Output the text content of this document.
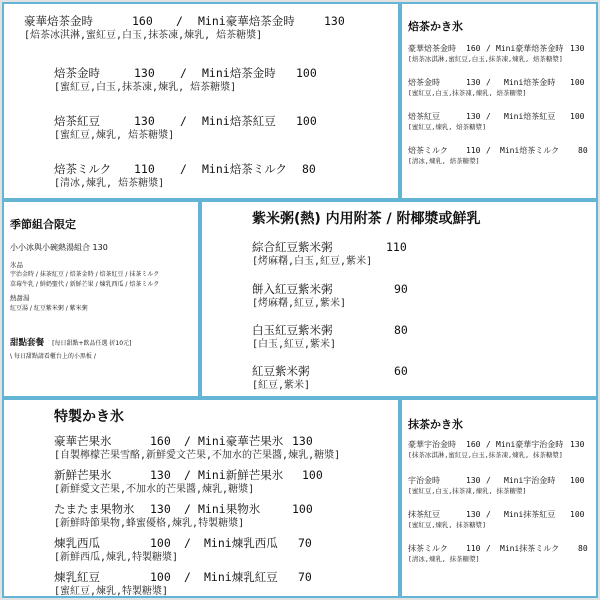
豪華焙茶金時	160 / Mini豪華焙茶金時	130
[焙茶冰淇淋,蜜紅豆,白玉,抹茶凍,煉乳, 焙茶糖漿]
焙茶金時	130 / Mini焙茶金時 100
[蜜紅豆,白玉,抹茶凍,煉乳, 焙茶糖漿]
焙茶紅豆	130 / Mini焙茶紅豆 100
[蜜紅豆,煉乳, 焙茶糖漿]
焙茶ミルク 110 / Mini焙茶ミルク 80
[清冰,煉乳, 焙茶糖漿]
焙茶かき氷
豪華焙茶金時 160 / Mini豪華焙茶金時 130
[焙茶冰淇淋,蜜紅豆,白玉,抹茶凍,煉乳, 焙茶糖漿]
焙茶金時	130 / Mini焙茶金時 100
[蜜紅豆,白玉,抹茶凍,煉乳, 焙茶糖漿]
焙茶紅豆	130 / Mini焙茶紅豆 100
[蜜紅豆,煉乳, 焙茶糖漿]
焙茶ミルク 110 / Mini焙茶ミルク 80
[清冰,煉乳, 焙茶糖漿]
季節組合限定
小小冰與小碗熱湯組合 130
氷品
宇治金時 / 抹茶紅豆 / 焙茶金時 / 焙茶紅豆 / 抹茶ミルク
草莓牛乳 / 鮮奶聖代 / 新鮮芒果 / 煉乳西瓜 / 焙茶ミルク
熱甜湯
紅豆湯 / 紅豆紫米粥 / 紫米粥
甜點套餐 [每日甜點+飲品任選 折10元]
\ 每日甜點請看櫃台上的小黑板 /
紫米粥(熱) 内用附茶 / 附椰漿或鮮乳
綜合紅豆紫米粥	110
[烤麻糬,白玉,紅豆,紫米]
餅入紅豆紫米粥	90
[烤麻糬,紅豆,紫米]
白玉紅豆紫米粥	80
[白玉,紅豆,紫米]
紅豆紫米粥	60
[紅豆,紫米]
特製かき氷
豪華芒果氷	160 / Mini豪華芒果氷 130
[自製檸檬芒果雪酪,新鮮愛文芒果,不加水的芒果醬,煉乳,糖漿]
新鮮芒果氷	130 / Mini新鮮芒果氷 100
[新鮮愛文芒果,不加水的芒果醬,煉乳,糖漿]
たまたま果物氷 130 / Mini果物氷	100
[新鮮時節果物,蜂蜜優格,煉乳,特製糖漿]
煉乳西瓜	100 / Mini煉乳西瓜 70
[新鮮西瓜,煉乳,特製糖漿]
煉乳紅豆	100 / Mini煉乳紅豆 70
[蜜紅豆,煉乳,特製糖漿]
抹茶かき氷
豪華宇治金時 160 / Mini豪華宇治金時 130
[抹茶冰淇淋,蜜紅豆,白玉,抹茶凍,煉乳, 抹茶糖漿]
宇治金時	130 / Mini宇治金時 100
[蜜紅豆,白玉,抹茶凍,煉乳, 抹茶糖漿]
抹茶紅豆	130 / Mini抹茶紅豆 100
[蜜紅豆,煉乳, 抹茶糖漿]
抹茶ミルク 110 / Mini抹茶ミルク 80
[清冰,煉乳, 抹茶糖漿]
